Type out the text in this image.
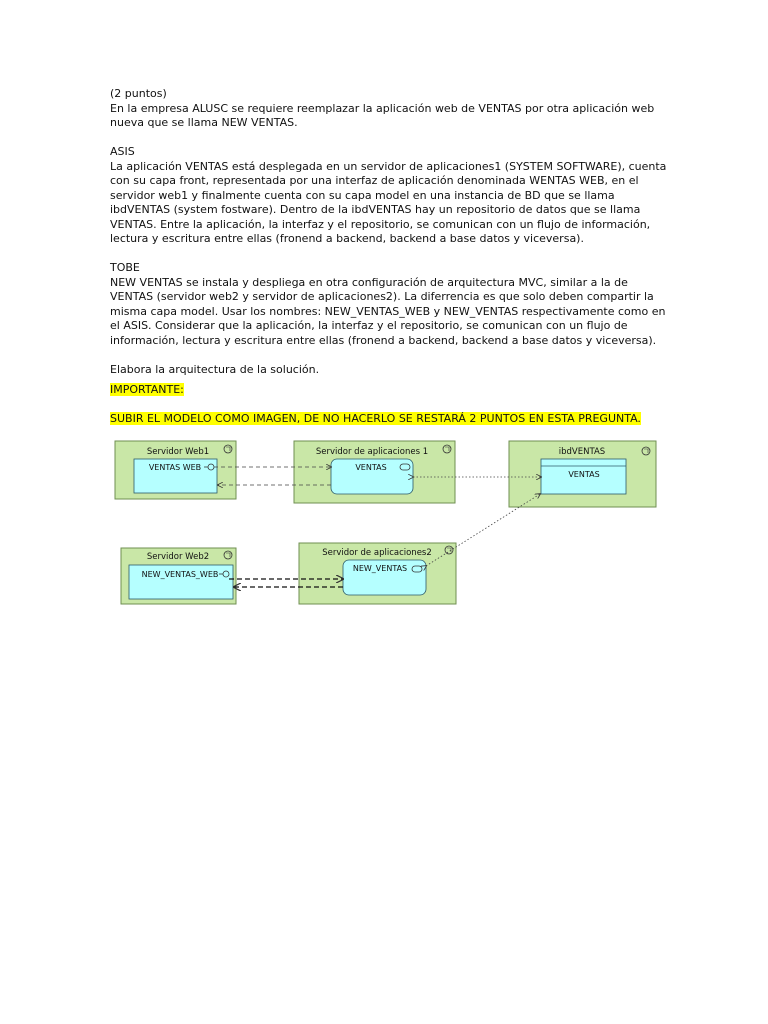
(2 puntos)

En la empresa ALUSC se requiere reemplazar la aplicación web de VENTAS por otra aplicación web nueva que se llama NEW VENTAS.

ASIS

La aplicación VENTAS está desplegada en un servidor de aplicaciones1 (SYSTEM SOFTWARE), cuenta con su capa front, representada por una interfaz de aplicación denominada WENTAS WEB, en el servidor web1 y finalmente cuenta con su capa model en una instancia de BD que se llama ibdVENTAS (system fostware). Dentro de la ibdVENTAS hay un repositorio de datos que se llama VENTAS. Entre la aplicación, la interfaz y el repositorio, se comunican con un flujo de información, lectura y escritura entre ellas (fronend a backend, backend a base datos y viceversa).

TOBE

NEW VENTAS se instala y despliega en otra configuración de arquitectura MVC, similar a la de VENTAS (servidor web2 y servidor de aplicaciones2). La diferrencia es que solo deben compartir la misma capa model. Usar los nombres: NEW_VENTAS_WEB y NEW_VENTAS respectivamente como en el ASIS. Considerar que la aplicación, la interfaz y el repositorio, se comunican con un flujo de información, lectura y escritura entre ellas (fronend a backend, backend a base datos y viceversa).

Elabora la arquitectura de la solución.

IMPORTANTE:

SUBIR EL MODELO COMO IMAGEN, DE NO HACERLO SE RESTARÁ 2 PUNTOS EN ESTA PREGUNTA.

Servidor Web1
VENTAS WEB
Servidor de aplicaciones 1
VENTAS
ibdVENTAS
VENTAS
Servidor Web2
NEW_VENTAS_WEB
Servidor de aplicaciones2
NEW_VENTAS
